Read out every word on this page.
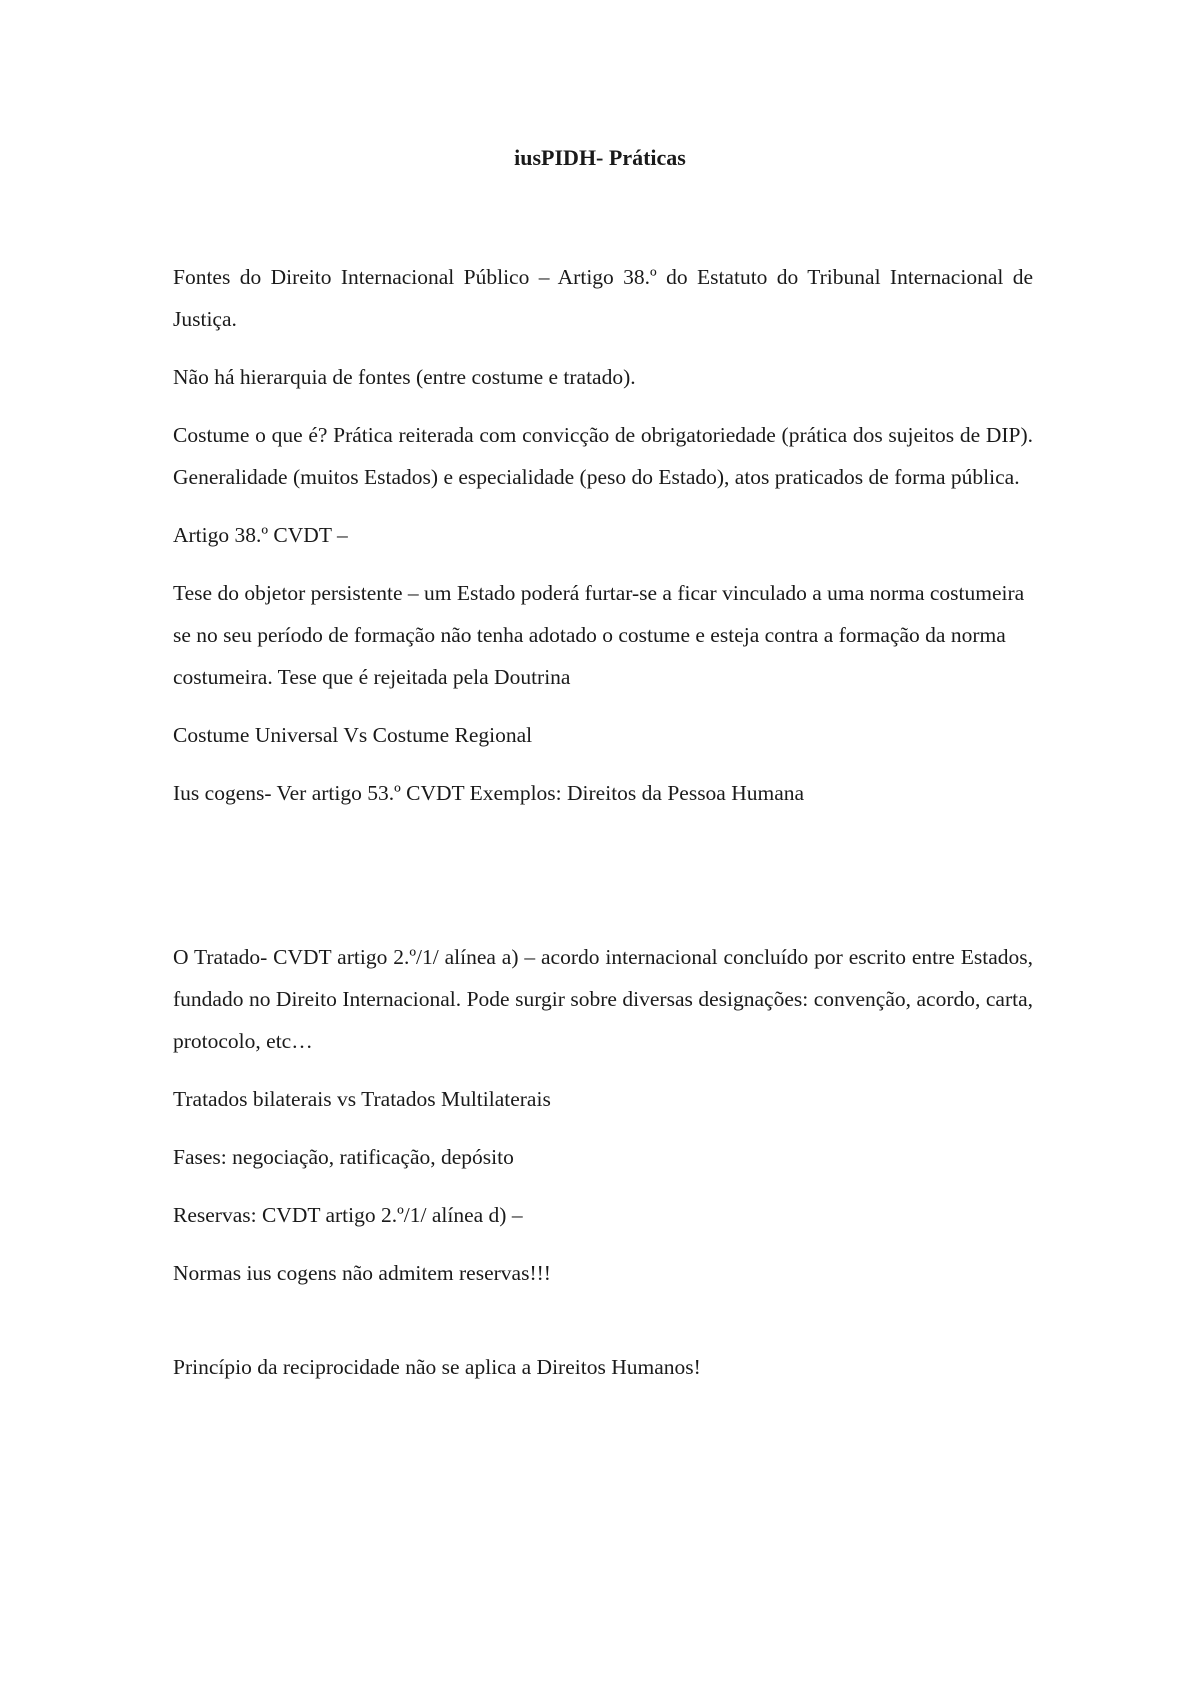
iusPIDH- Práticas

Fontes do Direito Internacional Público – Artigo 38.º do Estatuto do Tribunal Internacional de Justiça.

Não há hierarquia de fontes (entre costume e tratado).

Costume o que é? Prática reiterada com convicção de obrigatoriedade (prática dos sujeitos de DIP). Generalidade (muitos Estados) e especialidade (peso do Estado), atos praticados de forma pública.

Artigo 38.º CVDT –

Tese do objetor persistente – um Estado poderá furtar-se a ficar vinculado a uma norma costumeira se no seu período de formação não tenha adotado o costume e esteja contra a formação da norma costumeira. Tese que é rejeitada pela Doutrina

Costume Universal Vs Costume Regional

Ius cogens- Ver artigo 53.º CVDT Exemplos: Direitos da Pessoa Humana

O Tratado- CVDT artigo 2.º/1/ alínea a) – acordo internacional concluído por escrito entre Estados, fundado no Direito Internacional. Pode surgir sobre diversas designações: convenção, acordo, carta, protocolo, etc…

Tratados bilaterais vs Tratados Multilaterais

Fases: negociação, ratificação, depósito

Reservas: CVDT artigo 2.º/1/ alínea d) –

Normas ius cogens não admitem reservas!!!

Princípio da reciprocidade não se aplica a Direitos Humanos!
